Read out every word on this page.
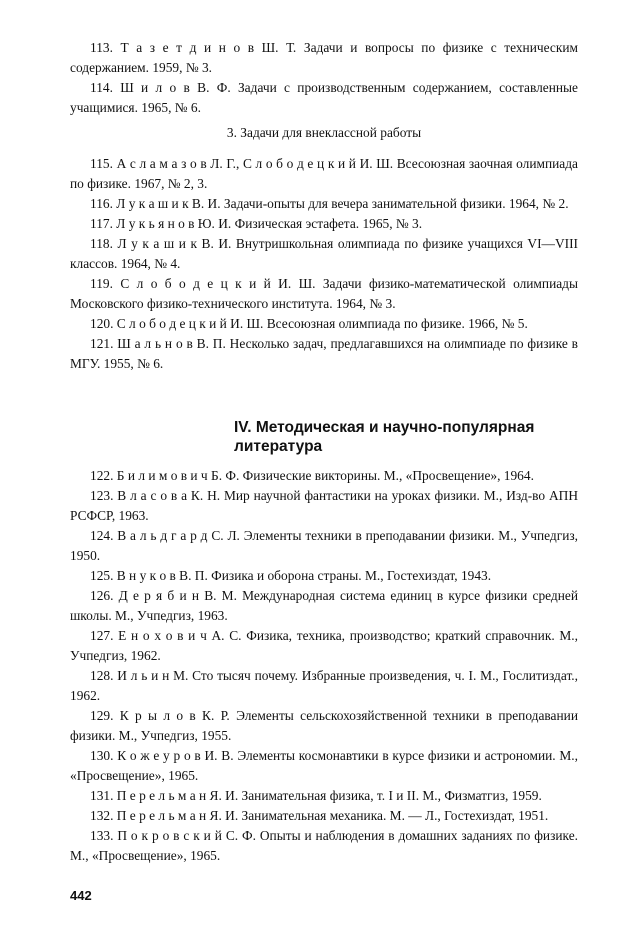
113. Т а з е т д и н о в Ш. Т. Задачи и вопросы по физике с техническим содержанием. 1959, № 3.

114. Ш и л о в В. Ф. Задачи с производственным содержанием, составленные учащимися. 1965, № 6.

3. Задачи для внеклассной работы

115. А с л а м а з о в Л. Г., С л о б о д е ц к и й И. Ш. Всесоюзная заочная олимпиада по физике. 1967, № 2, 3.

116. Л у к а ш и к В. И. Задачи-опыты для вечера занимательной физики. 1964, № 2.

117. Л у к ь я н о в Ю. И. Физическая эстафета. 1965, № 3.

118. Л у к а ш и к В. И. Внутришкольная олимпиада по физике учащихся VI—VIII классов. 1964, № 4.

119. С л о б о д е ц к и й И. Ш. Задачи физико-математической олимпиады Московского физико-технического института. 1964, № 3.

120. С л о б о д е ц к и й И. Ш. Всесоюзная олимпиада по физике. 1966, № 5.

121. Ш а л ь н о в В. П. Несколько задач, предлагавшихся на олимпиаде по физике в МГУ. 1955, № 6.

IV. Методическая и научно-популярная
литература

122. Б и л и м о в и ч Б. Ф. Физические викторины. М., «Просвещение», 1964.

123. В л а с о в а К. Н. Мир научной фантастики на уроках физики. М., Изд-во АПН РСФСР, 1963.

124. В а л ь д г а р д С. Л. Элементы техники в преподавании физики. М., Учпедгиз, 1950.

125. В н у к о в В. П. Физика и оборона страны. М., Гостехиздат, 1943.

126. Д е р я б и н В. М. Международная система единиц в курсе физики средней школы. М., Учпедгиз, 1963.

127. Е н о х о в и ч А. С. Физика, техника, производство; краткий справочник. М., Учпедгиз, 1962.

128. И л ь и н М. Сто тысяч почему. Избранные произведения, ч. I. М., Гослитиздат., 1962.

129. К р ы л о в К. Р. Элементы сельскохозяйственной техники в преподавании физики. М., Учпедгиз, 1955.

130. К о ж е у р о в И. В. Элементы космонавтики в курсе физики и астрономии. М., «Просвещение», 1965.

131. П е р е л ь м а н Я. И. Занимательная физика, т. I и II. М., Физматгиз, 1959.

132. П е р е л ь м а н Я. И. Занимательная механика. М. — Л., Гостехиздат, 1951.

133. П о к р о в с к и й С. Ф. Опыты и наблюдения в домашних заданиях по физике. М., «Просвещение», 1965.

442
